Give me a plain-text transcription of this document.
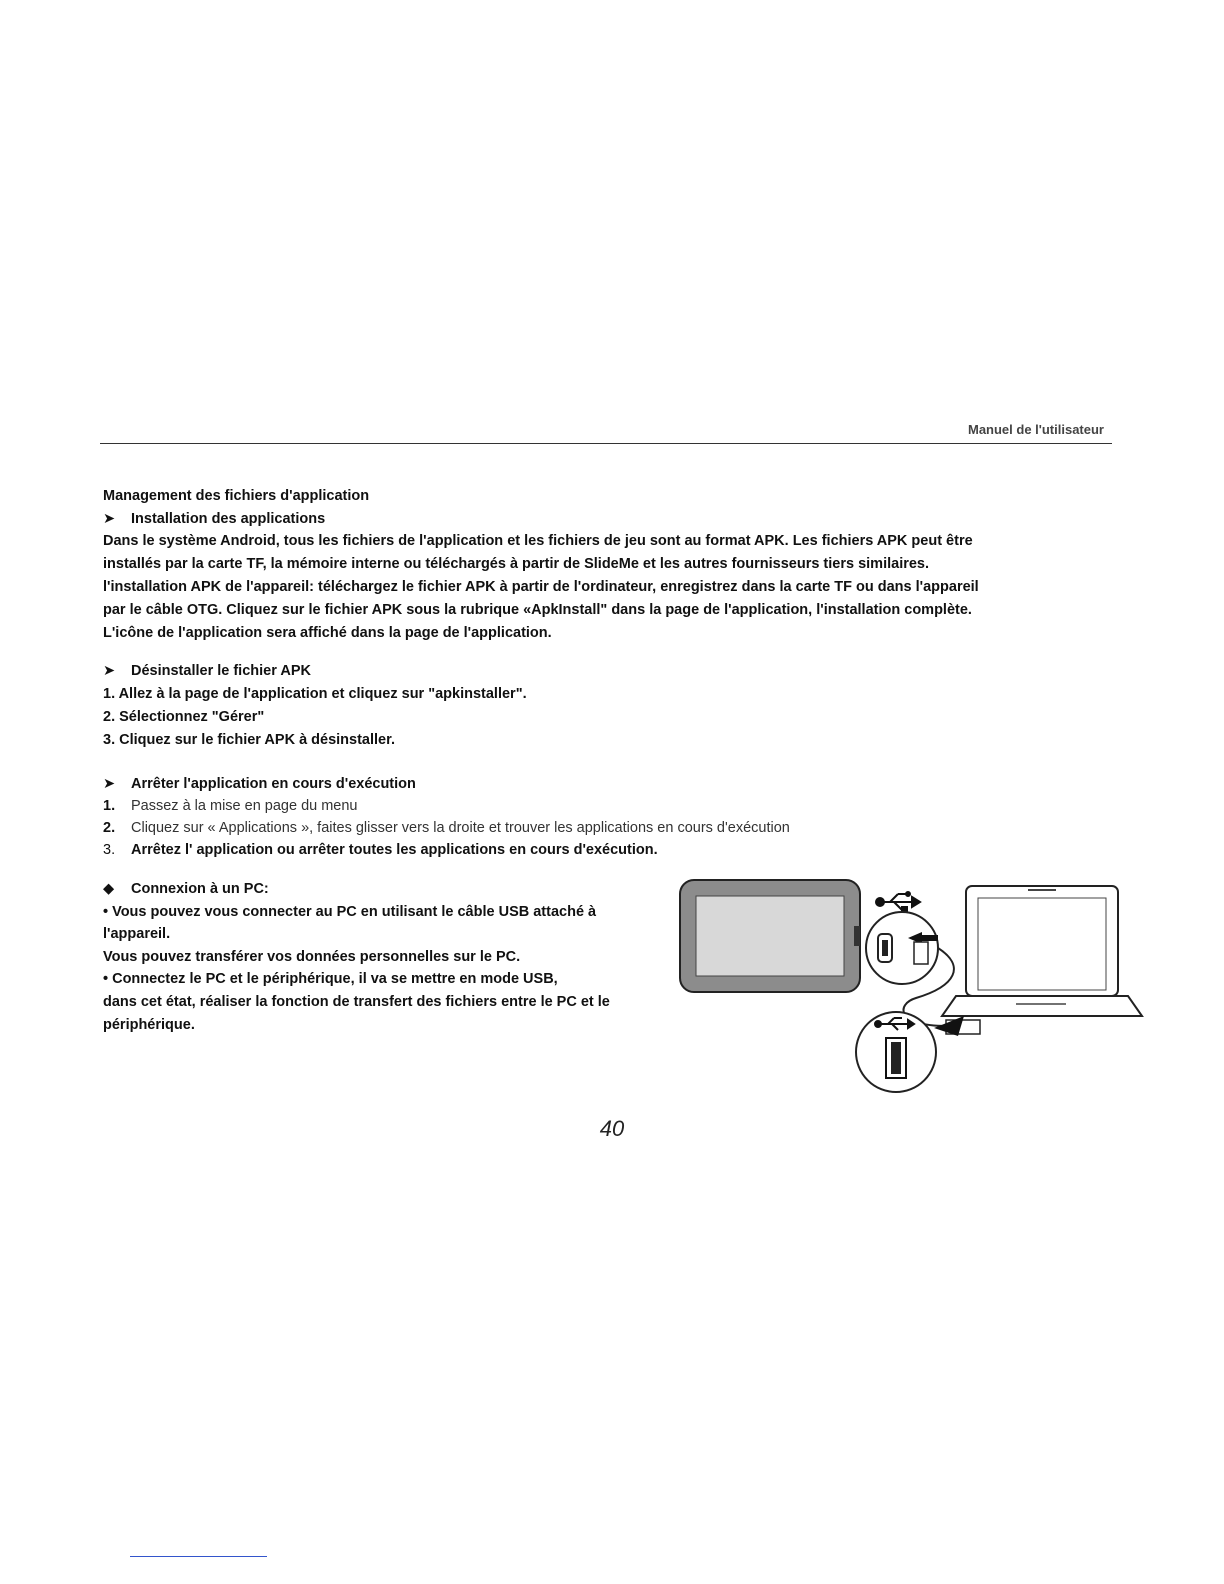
Manuel de l'utilisateur
Management des fichiers d'application
➤ Installation des applications
Dans le système Android, tous les fichiers de l'application et les fichiers de jeu sont au format APK. Les fichiers APK peut être
installés par la carte TF, la mémoire interne ou téléchargés à partir de SlideMe et les autres fournisseurs tiers similaires.
l'installation APK de l'appareil: téléchargez le fichier APK à partir de l'ordinateur, enregistrez dans la carte TF ou dans l'appareil
par le câble OTG. Cliquez sur le fichier APK sous la rubrique «ApkInstall" dans la page de l'application, l'installation complète.
L'icône de l'application sera affiché dans la page de l'application.
➤ Désinstaller le fichier APK
1. Allez à la page de l'application et cliquez sur "apkinstaller".
2. Sélectionnez "Gérer"
3. Cliquez sur le fichier APK à désinstaller.
➤ Arrêter l'application en cours d'exécution
1. Passez à la mise en page du menu
2. Cliquez sur « Applications », faites glisser vers la droite et trouver les applications en cours d'exécution
3. Arrêtez l' application ou arrêter toutes les applications en cours d'exécution.
◆ Connexion à un PC:
• Vous pouvez vous connecter au PC en utilisant le câble USB attaché à
l'appareil.
Vous pouvez transférer vos données personnelles sur le PC.
• Connectez le PC et le périphérique, il va se mettre en mode USB,
dans cet état, réaliser la fonction de transfert des fichiers entre le PC et le
périphérique.
40
